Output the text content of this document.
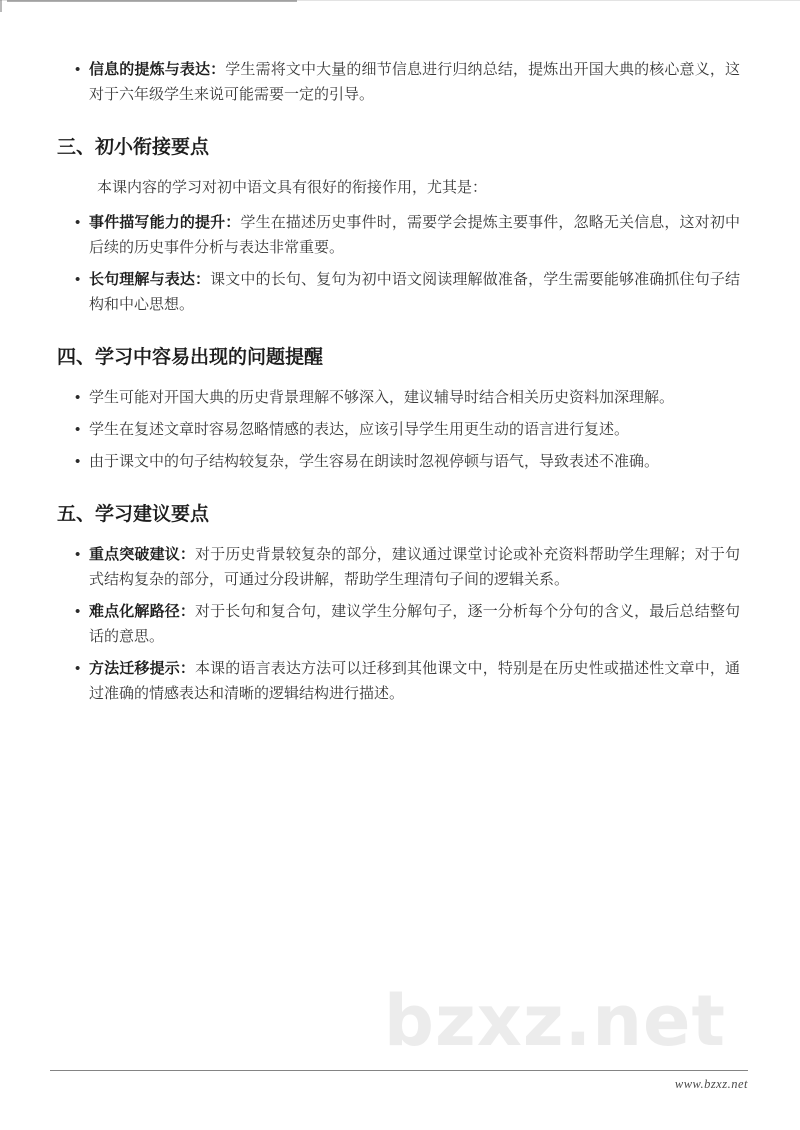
• 信息的提炼与表达：学生需将文中大量的细节信息进行归纳总结，提炼出开国大典的核心意义，这对于六年级学生来说可能需要一定的引导。
三、初小衔接要点

本课内容的学习对初中语文具有很好的衔接作用，尤其是：

• 事件描写能力的提升：学生在描述历史事件时，需要学会提炼主要事件，忽略无关信息，这对初中后续的历史事件分析与表达非常重要。
• 长句理解与表达：课文中的长句、复句为初中语文阅读理解做准备，学生需要能够准确抓住句子结构和中心思想。
四、学习中容易出现的问题提醒
• 学生可能对开国大典的历史背景理解不够深入，建议辅导时结合相关历史资料加深理解。
• 学生在复述文章时容易忽略情感的表达，应该引导学生用更生动的语言进行复述。
• 由于课文中的句子结构较复杂，学生容易在朗读时忽视停顿与语气，导致表述不准确。
五、学习建议要点
• 重点突破建议：对于历史背景较复杂的部分，建议通过课堂讨论或补充资料帮助学生理解；对于句式结构复杂的部分，可通过分段讲解，帮助学生理清句子间的逻辑关系。
• 难点化解路径：对于长句和复合句，建议学生分解句子，逐一分析每个分句的含义，最后总结整句话的意思。
• 方法迁移提示：本课的语言表达方法可以迁移到其他课文中，特别是在历史性或描述性文章中，通过准确的情感表达和清晰的逻辑结构进行描述。
bzxz.net
www.bzxz.net
